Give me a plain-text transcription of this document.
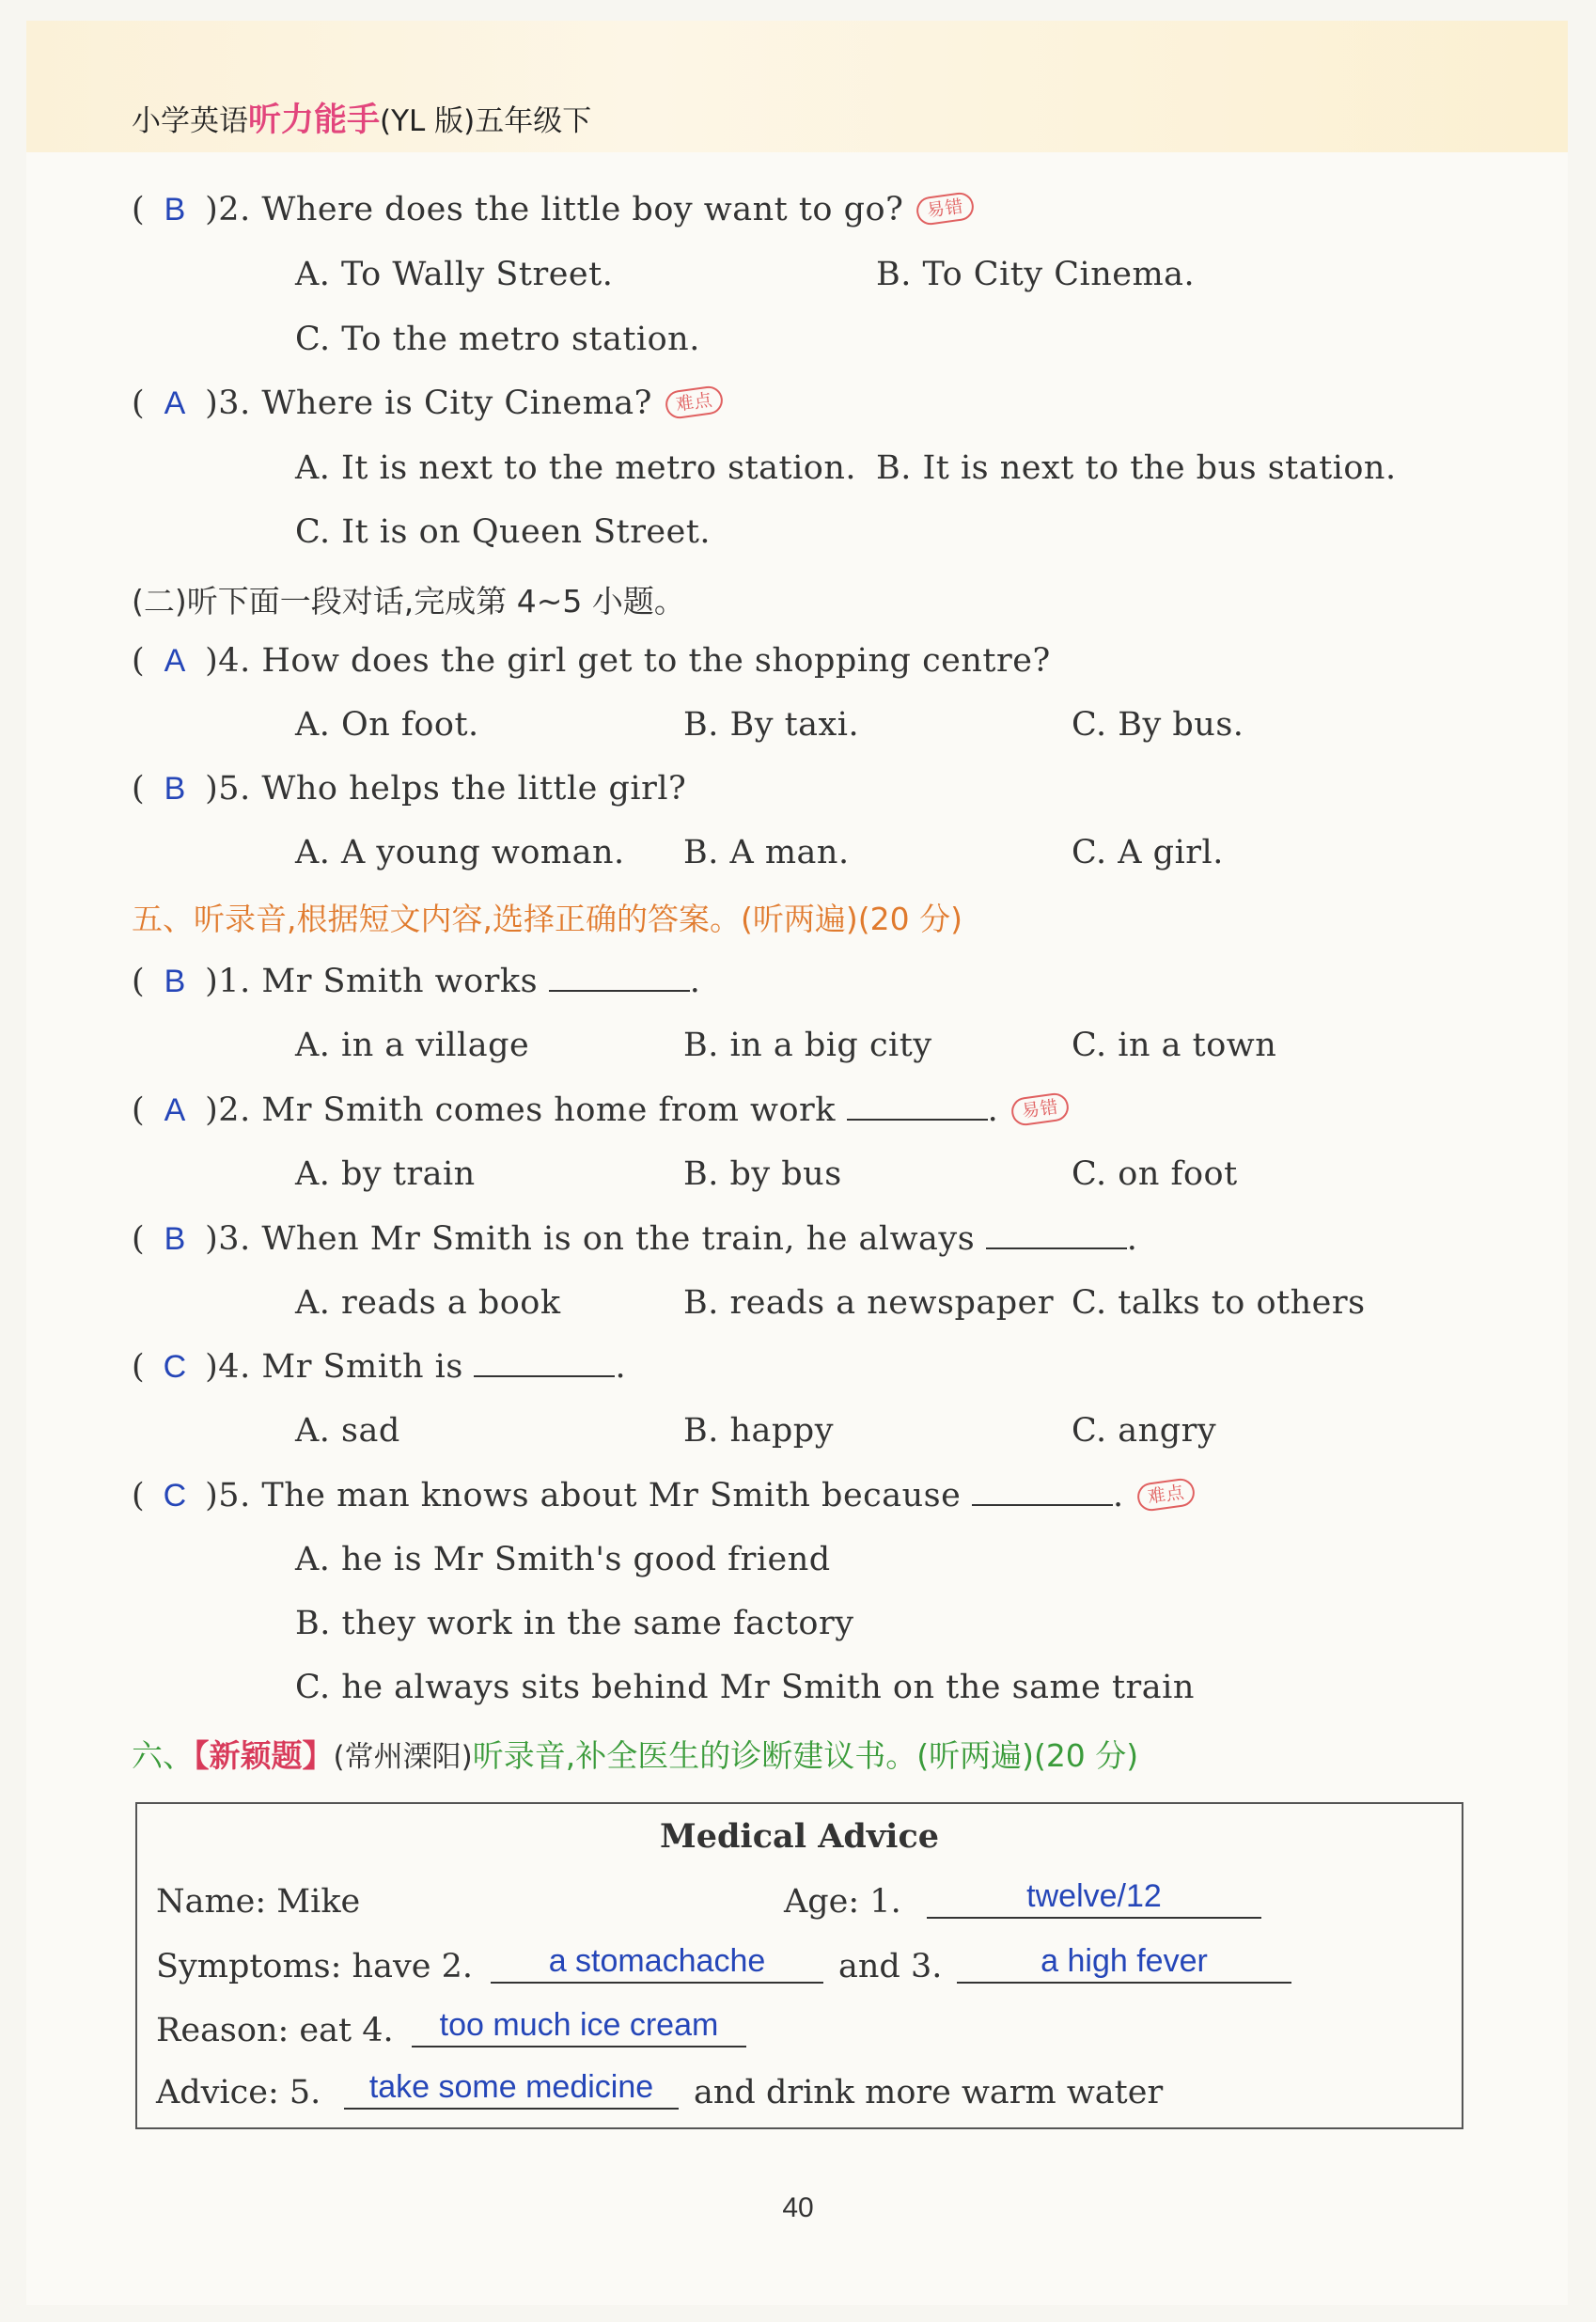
小学英语听力能手(YL 版)五年级下
( B )2. Where does the little boy want to go? 易错
A. To Wally Street.	B. To City Cinema.
C. To the metro station.
( A )3. Where is City Cinema? 难点
A. It is next to the metro station. B. It is next to the bus station.
C. It is on Queen Street.
(二)听下面一段对话,完成第 4~5 小题。
( A )4. How does the girl get to the shopping centre?
A. On foot.	B. By taxi.	C. By bus.
( B )5. Who helps the little girl?
A. A young woman. B. A man.	C. A girl.
五、听录音,根据短文内容,选择正确的答案。(听两遍)(20 分)
( B )1. Mr Smith works	.
A. in a village	B. in a big city	C. in a town
( A )2. Mr Smith comes home from work	. 易错
A. by train	B. by bus	C. on foot
( B )3. When Mr Smith is on the train, he always	.
A. reads a book	B. reads a newspaper C. talks to others
( C )4. Mr Smith is	.
A. sad	B. happy	C. angry
( C )5. The man knows about Mr Smith because	. 难点
A. he is Mr Smith's good friend
B. they work in the same factory
C. he always sits behind Mr Smith on the same train
六、【新颖题】(常州溧阳)听录音,补全医生的诊断建议书。(听两遍)(20 分)
Medical Advice
Name: Mike	Age: 1.	twelve/12
Symptoms: have 2.	a stomachache	and 3.	a high fever
Reason: eat 4.	too much ice cream
Advice: 5.	take some medicine	and drink more warm water
40
